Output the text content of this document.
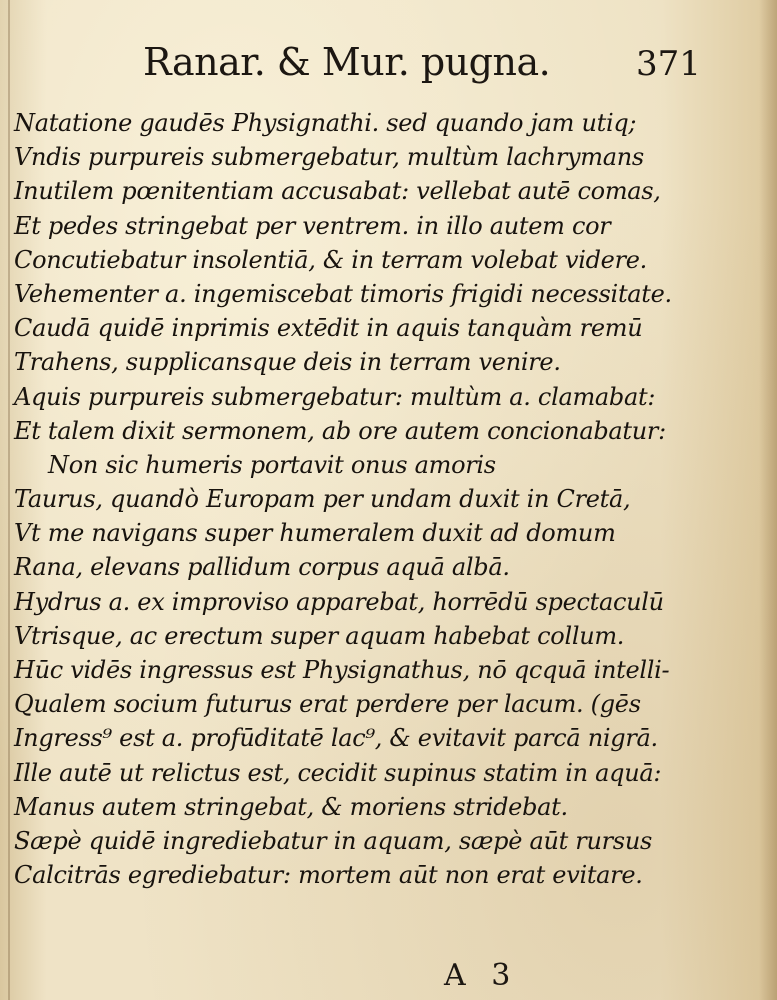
Ranar. & Mur. pugna.	371
Natatione gaudēs Physignathi. sed quando jam utiq;
Vndis purpureis submergebatur, multùm lachrymans
Inutilem pœnitentiam accusabat: vellebat autē comas,
Et pedes stringebat per ventrem. in illo autem cor
Concutiebatur insolentiā, & in terram volebat videre.
Vehementer a. ingemiscebat timoris frigidi necessitate.
Caudā quidē inprimis extēdit in aquis tanquàm remū
Trahens, supplicansque deis in terram venire.
Aquis purpureis submergebatur: multùm a. clamabat:
Et talem dixit sermonem, ab ore autem concionabatur:
Non sic humeris portavit onus amoris
Taurus, quandò Europam per undam duxit in Cretā,
Vt me navigans super humeralem duxit ad domum
Rana, elevans pallidum corpus aquā albā.
Hydrus a. ex improviso apparebat, horrēdū spectaculū
Vtrisque, ac erectum super aquam habebat collum.
Hūc vidēs ingressus est Physignathus, nō qcquā intelli-
Qualem socium futurus erat perdere per lacum. (gēs
Ingress⁹ est a. profūditatē lac⁹, & evitavit parcā nigrā.
Ille autē ut relictus est, cecidit supinus statim in aquā:
Manus autem stringebat, & moriens stridebat.
Sæpè quidē ingrediebatur in aquam, sæpè aūt rursus
Calcitrās egrediebatur: mortem aūt non erat evitare.
A 3
